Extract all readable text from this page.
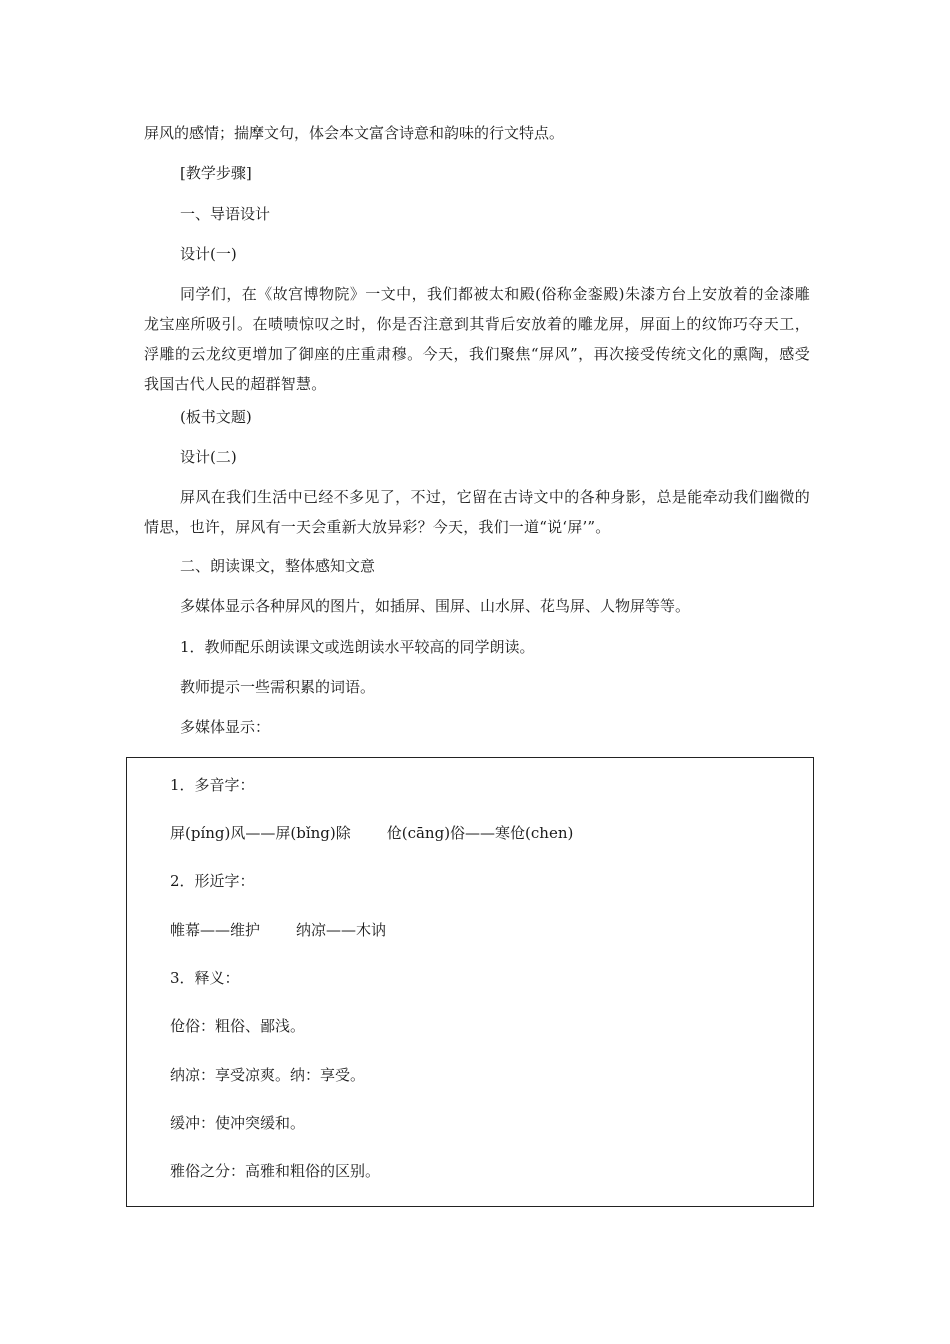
屏风的感情；揣摩文句，体会本文富含诗意和韵味的行文特点。
[教学步骤]
一、导语设计
设计(一)
同学们，在《故宫博物院》一文中，我们都被太和殿(俗称金銮殿)朱漆方台上安放着的金漆雕龙宝座所吸引。在啧啧惊叹之时，你是否注意到其背后安放着的雕龙屏，屏面上的纹饰巧夺天工，浮雕的云龙纹更增加了御座的庄重肃穆。今天，我们聚焦“屏风”，再次接受传统文化的熏陶，感受我国古代人民的超群智慧。
(板书文题)
设计(二)
屏风在我们生活中已经不多见了，不过，它留在古诗文中的各种身影，总是能牵动我们幽微的情思，也许，屏风有一天会重新大放异彩？今天，我们一道“说‘屏’”。
二、朗读课文，整体感知文意
多媒体显示各种屏风的图片，如插屏、围屏、山水屏、花鸟屏、人物屏等等。
1．教师配乐朗读课文或选朗读水平较高的同学朗读。
教师提示一些需积累的词语。
多媒体显示：
1．多音字：
屏(píng)风——屏(bǐng)除 伧(cāng)俗——寒伧(chen)
2．形近字：
帷幕——维护 纳凉——木讷
3．释义：
伧俗：粗俗、鄙浅。
纳凉：享受凉爽。纳：享受。
缓冲：使冲突缓和。
雅俗之分：高雅和粗俗的区别。
